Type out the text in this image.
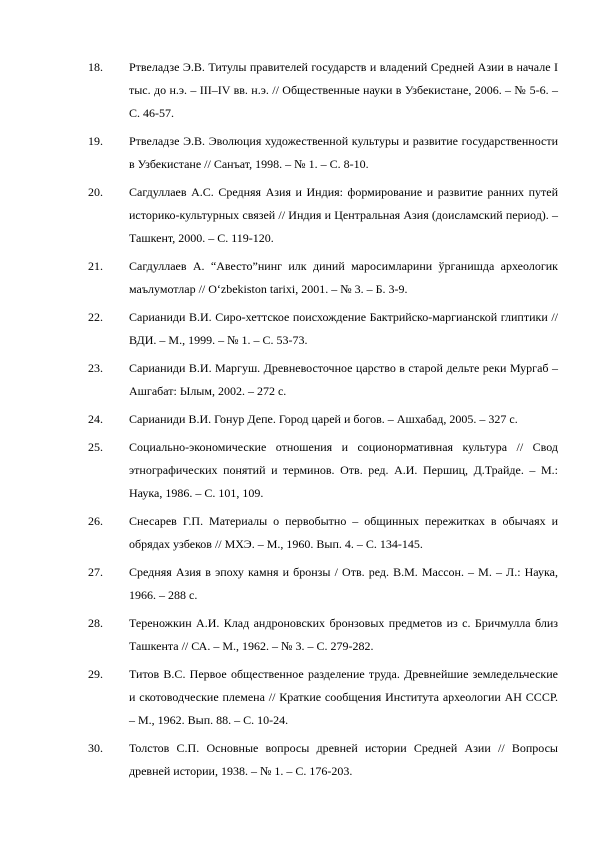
18. Ртвеладзе Э.В. Титулы правителей государств и владений Средней Азии в начале I тыс. до н.э. – III–IV вв. н.э. // Общественные науки в Узбекистане, 2006. – № 5-6. – С. 46-57.
19. Ртвеладзе Э.В. Эволюция художественной культуры и развитие государственности в Узбекистане // Санъат, 1998. – № 1. – С. 8-10.
20. Сагдуллаев А.С. Средняя Азия и Индия: формирование и развитие ранних путей историко-культурных связей // Индия и Центральная Азия (доисламский период). – Ташкент, 2000. – С. 119-120.
21. Сагдуллаев А. “Авесто”нинг илк диний маросимларини ўрганишда археологик маълумотлар // O‘zbekiston tarixi, 2001. – № 3. – Б. 3-9.
22. Сарианиди В.И. Сиро-хеттское поисхождение Бактрийско-маргианской глиптики // ВДИ. – М., 1999. – № 1. – С. 53-73.
23. Сарианиди В.И. Маргуш. Древневосточное царство в старой дельте реки Мургаб – Ашгабат: Ылым, 2002. – 272 с.
24. Сарианиди В.И. Гонур Депе. Город царей и богов. – Ашхабад, 2005. – 327 с.
25. Социально-экономические отношения и соционормативная культура // Свод этнографических понятий и терминов. Отв. ред. А.И. Першиц, Д.Трайде. – М.: Наука, 1986. – С. 101, 109.
26. Снесарев Г.П. Материалы о первобытно – общинных пережитках в обычаях и обрядах узбеков // МХЭ. – М., 1960. Вып. 4. – С. 134-145.
27. Средняя Азия в эпоху камня и бронзы / Отв. ред. В.М. Массон. – М. – Л.: Наука, 1966. – 288 с.
28. Тереножкин А.И. Клад андроновских бронзовых предметов из с. Бричмулла близ Ташкента // СА. – М., 1962. – № 3. – С. 279-282.
29. Титов В.С. Первое общественное разделение труда. Древнейшие земледельческие и скотоводческие племена // Краткие сообщения Института археологии АН СССР. – М., 1962. Вып. 88. – С. 10-24.
30. Толстов С.П. Основные вопросы древней истории Средней Азии // Вопросы древней истории, 1938. – № 1. – С. 176-203.
